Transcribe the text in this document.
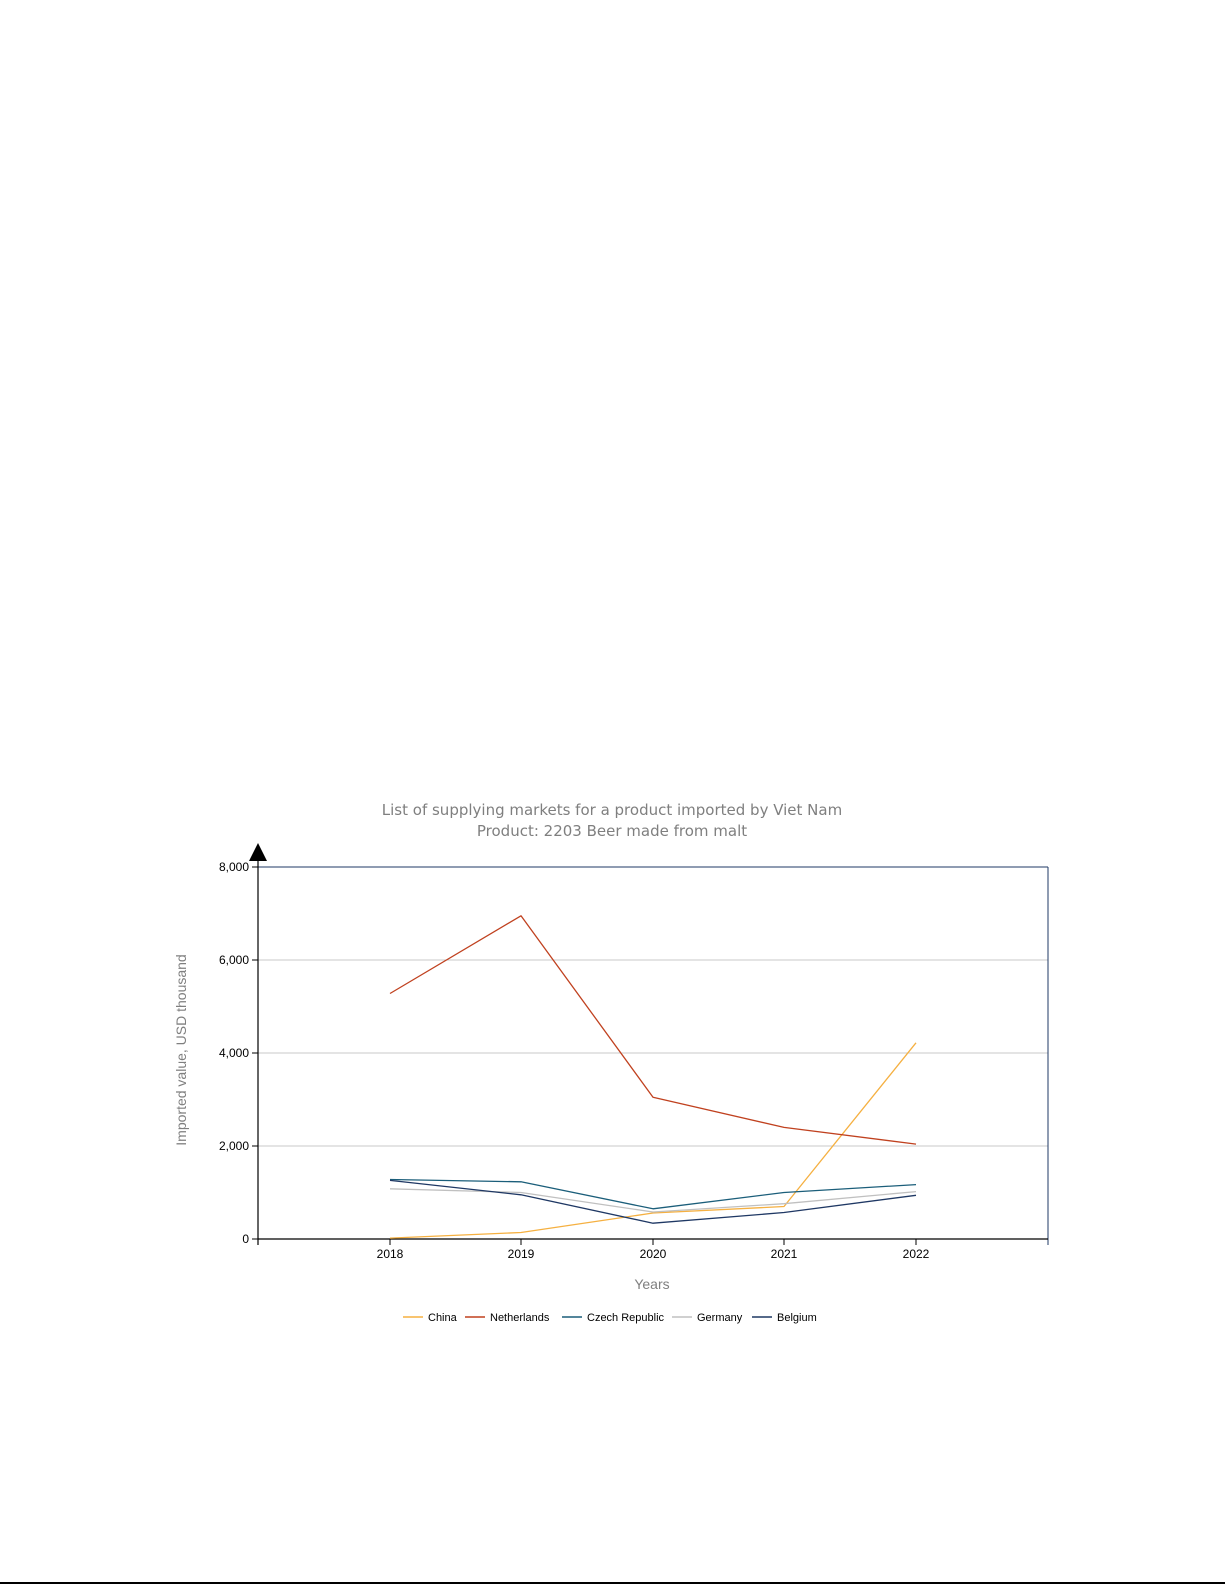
List of supplying markets for a product imported by Viet Nam
Product: 2203 Beer made from malt
0
2,000
4,000
6,000
8,000
2018	2019	2020	2021	2022
Years
Imported value, USD thousand
China	Netherlands	Czech Republic	Germany	Belgium
